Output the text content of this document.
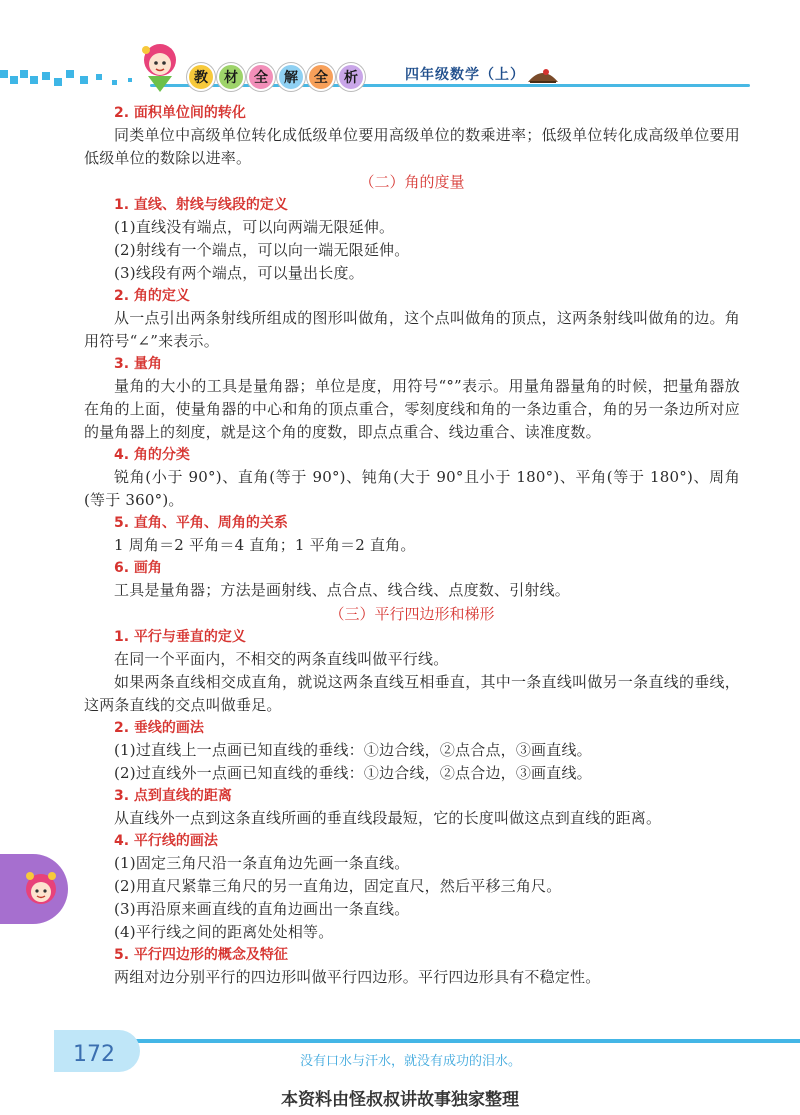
教	材	全	解	全	析	四年级数学（上）
2. 面积单位间的转化
同类单位中高级单位转化成低级单位要用高级单位的数乘进率；低级单位转化成高级单位要用低级单位的数除以进率。
（二）角的度量
1. 直线、射线与线段的定义
(1)直线没有端点，可以向两端无限延伸。
(2)射线有一个端点，可以向一端无限延伸。
(3)线段有两个端点，可以量出长度。
2. 角的定义
从一点引出两条射线所组成的图形叫做角，这个点叫做角的顶点，这两条射线叫做角的边。角用符号“∠”来表示。
3. 量角
量角的大小的工具是量角器；单位是度，用符号“°”表示。用量角器量角的时候，把量角器放在角的上面，使量角器的中心和角的顶点重合，零刻度线和角的一条边重合，角的另一条边所对应的量角器上的刻度，就是这个角的度数，即点点重合、线边重合、读准度数。
4. 角的分类
锐角(小于 90°)、直角(等于 90°)、钝角(大于 90°且小于 180°)、平角(等于 180°)、周角(等于 360°)。
5. 直角、平角、周角的关系
1 周角＝2 平角＝4 直角；1 平角＝2 直角。
6. 画角
工具是量角器；方法是画射线、点合点、线合线、点度数、引射线。
（三）平行四边形和梯形
1. 平行与垂直的定义
在同一个平面内，不相交的两条直线叫做平行线。
如果两条直线相交成直角，就说这两条直线互相垂直，其中一条直线叫做另一条直线的垂线，这两条直线的交点叫做垂足。
2. 垂线的画法
(1)过直线上一点画已知直线的垂线：①边合线，②点合点，③画直线。
(2)过直线外一点画已知直线的垂线：①边合线，②点合边，③画直线。
3. 点到直线的距离
从直线外一点到这条直线所画的垂直线段最短，它的长度叫做这点到直线的距离。
4. 平行线的画法
(1)固定三角尺沿一条直角边先画一条直线。
(2)用直尺紧靠三角尺的另一直角边，固定直尺，然后平移三角尺。
(3)再沿原来画直线的直角边画出一条直线。
(4)平行线之间的距离处处相等。
5. 平行四边形的概念及特征
两组对边分别平行的四边形叫做平行四边形。平行四边形具有不稳定性。
172	没有口水与汗水，就没有成功的泪水。
本资料由怪叔叔讲故事独家整理
